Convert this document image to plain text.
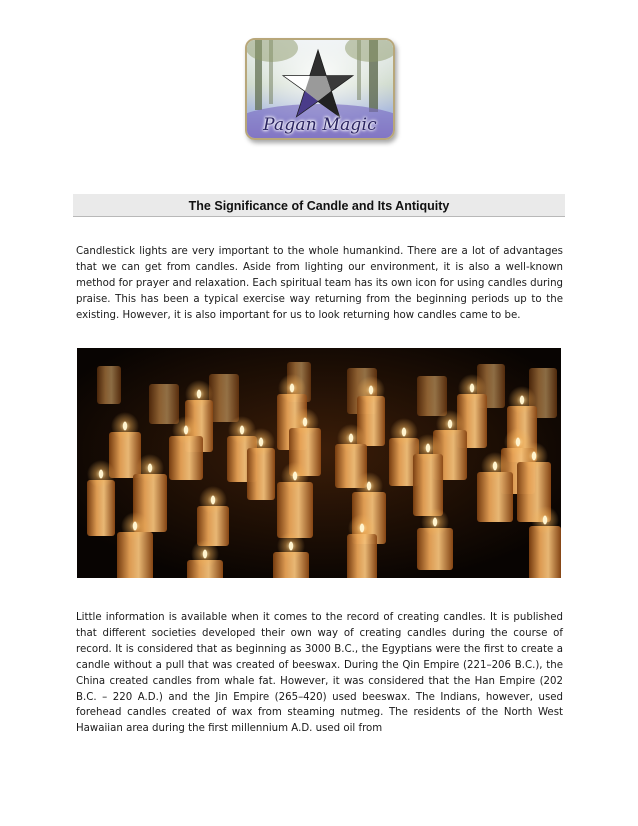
Pagan Magic
The Significance of Candle and Its Antiquity

Candlestick lights are very important to the whole humankind. There are a lot of advantages that we can get from candles. Aside from lighting our environment, it is also a well-known method for prayer and relaxation. Each spiritual team has its own icon for using candles during praise. This has been a typical exercise way returning from the beginning periods up to the existing. However, it is also important for us to look returning how candles came to be.

Little information is available when it comes to the record of creating candles. It is published that different societies developed their own way of creating candles during the course of record. It is considered that as beginning as 3000 B.C., the Egyptians were the first to create a candle without a pull that was created of beeswax. During the Qin Empire (221–206 B.C.), the China created candles from whale fat. However, it was considered that the Han Empire (202 B.C. – 220 A.D.) and the Jin Empire (265–420) used beeswax. The Indians, however, used forehead candles created of wax from steaming nutmeg. The residents of the North West Hawaiian area during the first millennium A.D. used oil from
